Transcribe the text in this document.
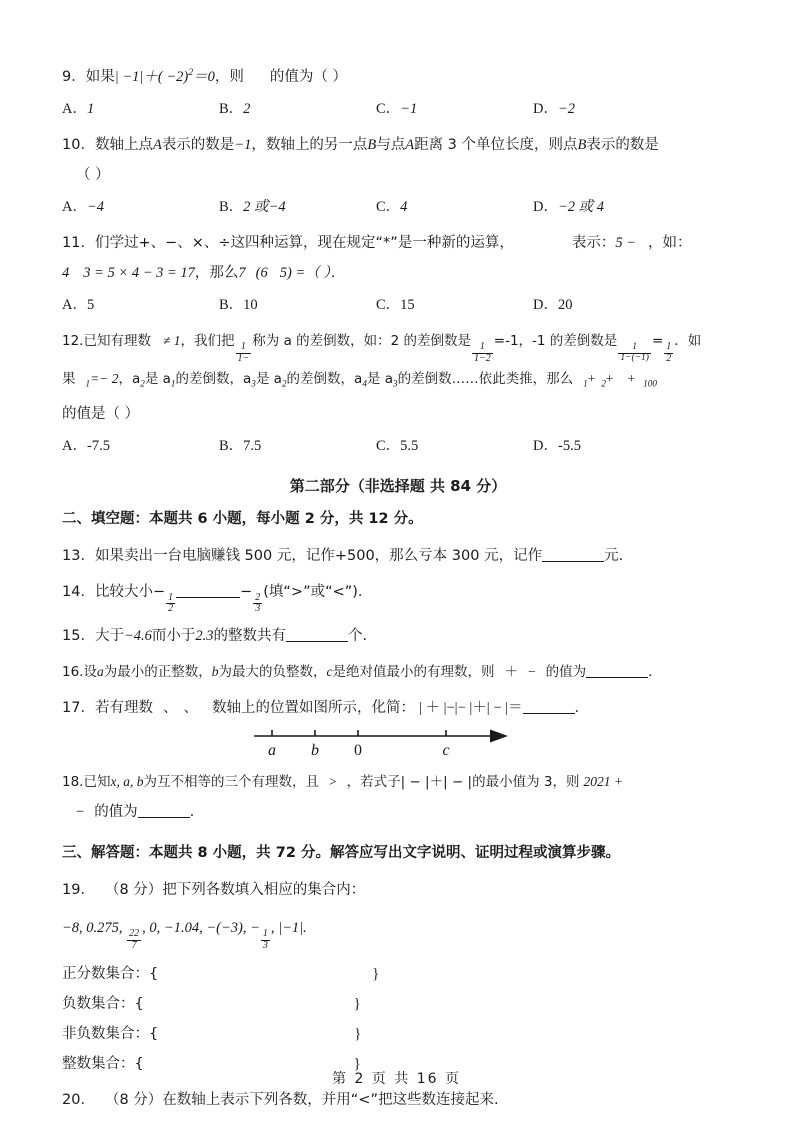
9．如果| $-1|+( -2)^2=0$，则 的值为（ ）
A．1	B．2	C．−1	D．−2
10．数轴上点A表示的数是−1，数轴上的另一点B与点A距离 3 个单位长度，则点B表示的数是
（ ）
A．−4	B．2 或−4	C．4	D．−2 或 4
11．们学过+、−、×、÷这四种运算，现在规定“*”是一种新的运算，	表示：5 − ，如：
4 3 = 5 × 4 − 3 = 17，那么7 (6 5) =（ ）．
A．5	B．10	C．15	D．20
12.已知有理数 ≠ 1，我们把
$\frac{1}{1-}$
称为 a 的差倒数，如：2 的差倒数是
$\frac{1}{1-2}$
=-1，-1 的差倒数是
$\frac{1}{1-(-1)}$
=
$\frac{1}{2}$
．如
果 $_1$=− 2，$a_2$是 $a_1$的差倒数，$a_3$是 $a_2$的差倒数，$a_4$是 $a_3$的差倒数……依此类推，那么 $_1$+ $_2$+ + $_{100}$
的值是（ ）
A．-7.5	B．7.5	C．5.5	D．-5.5
第二部分（非选择题 共 84 分）
二、填空题：本题共 6 小题，每小题 2 分，共 12 分。
13．如果卖出一台电脑赚钱 500 元，记作+500，那么亏本 300 元，记作	元.
14．比较大小−
$\frac{1}{2}$
−
$\frac{2}{3}$
(填“>”或“<”)．
15．大于−4.6而小于2.3的整数共有	个.
16.设a为最小的正整数，b为最大的负整数，c是绝对值最小的有理数，则 ＋ − 的值为	．
17．若有理数 、 、 数轴上的位置如图所示，化简： | ＋ |−|− |＋| − |＝	．
a b 0	c
18.已知x, a, b为互不相等的三个有理数，且 > ，若式子| − |＋| − |的最小值为 3，则 2021 +
− 的值为	．
三、解答题：本题共 8 小题，共 72 分。解答应写出文字说明、证明过程或演算步骤。
19． （8 分）把下列各数填入相应的集合内：
−8, 0.275,
$\frac{22}{7}$
, 0, −1.04, −(−3), −
$\frac{1}{3}$
, |−1|.
正分数集合：{	}
负数集合：{	}
非负数集合：{	}
整数集合：{	}
20． （8 分）在数轴上表示下列各数，并用“<”把这些数连接起来.
第 2 页 共 16 页
